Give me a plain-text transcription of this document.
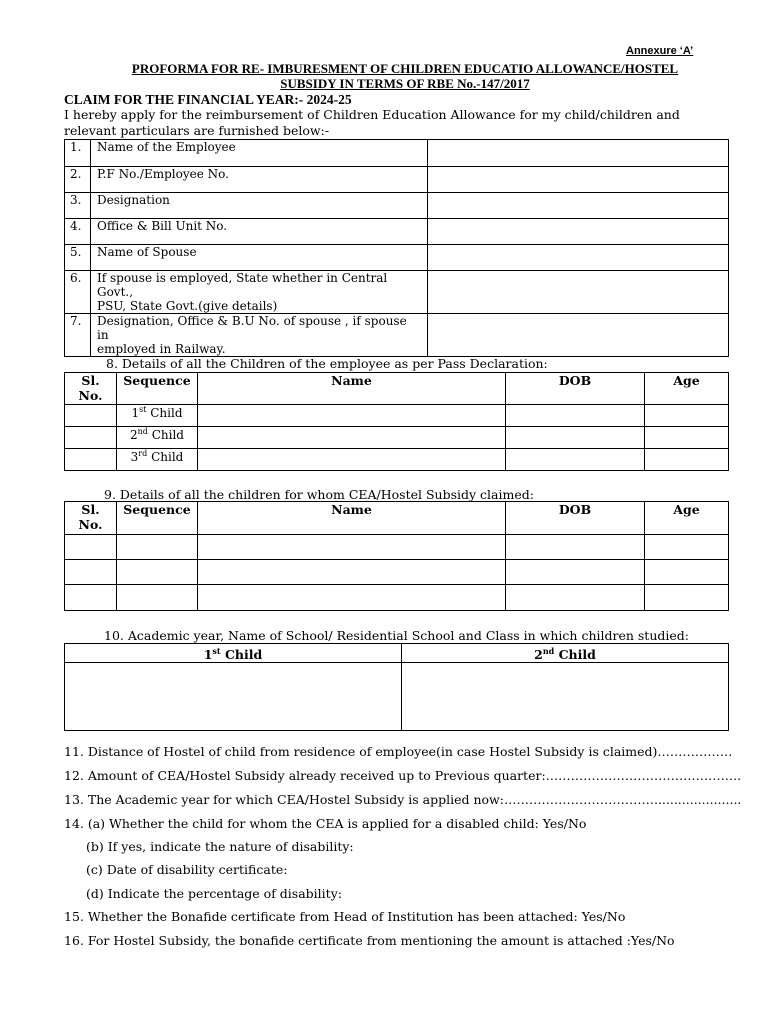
Annexure ‘A’
PROFORMA FOR RE- IMBURESMENT OF CHILDREN EDUCATIO ALLOWANCE/HOSTEL
SUBSIDY IN TERMS OF RBE No.-147/2017
CLAIM FOR THE FINANCIAL YEAR:- 2024-25
I hereby apply for the reimbursement of Children Education Allowance for my child/children and
relevant particulars are furnished below:-
1.	Name of the Employee	
2.	P.F No./Employee No.	
3.	Designation	
4.	Office & Bill Unit No.	
5.	Name of Spouse	
6.	If spouse is employed, State whether in Central Govt.,
PSU, State Govt.(give details)	

7.	Designation, Office & B.U No. of spouse , if spouse in
employed in Railway.	

8. Details of all the Children of the employee as per Pass Declaration:
Sl.
No.	Sequence	Name	DOB	Age
	1st Child			
	2nd Child			
	3rd Child			
9. Details of all the children for whom CEA/Hostel Subsidy claimed:
Sl.
No.	Sequence	Name	DOB	Age

10. Academic year, Name of School/ Residential School and Class in which children studied:
1st Child	2nd Child

11. Distance of Hostel of child from residence of employee(in case Hostel Subsidy is claimed)………………
12. Amount of CEA/Hostel Subsidy already received up to Previous quarter:………………………………………..
13. The Academic year for which CEA/Hostel Subsidy is applied now:………………………………......................
14. (a) Whether the child for whom the CEA is applied for a disabled child: Yes/No
(b) If yes, indicate the nature of disability:
(c) Date of disability certificate:
(d) Indicate the percentage of disability:
15. Whether the Bonafide certificate from Head of Institution has been attached: Yes/No
16. For Hostel Subsidy, the bonafide certificate from mentioning the amount is attached :Yes/No
